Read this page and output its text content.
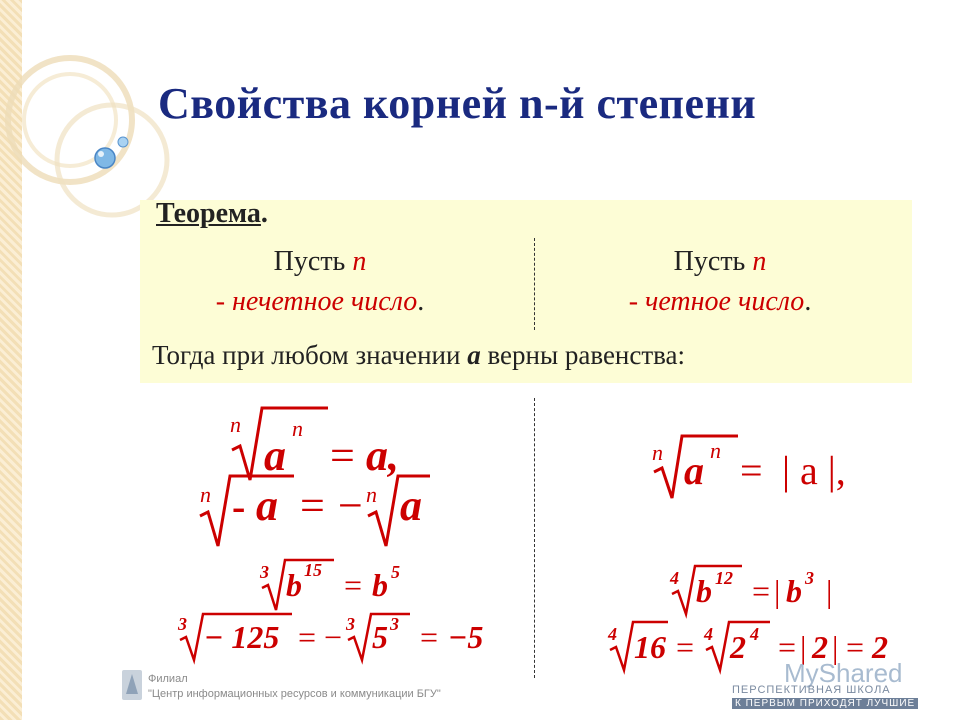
Свойства корней n-й степени
Теорема.
Пусть n
- нечетное число.
Пусть n
- четное число.
Тогда при любом значении a верны равенства:
n
a
n
= a,
n - a = − n a
n a n = | a |,
3 b 15 = b 5
3 − 125 = − 3 5 3 = −5
4 b 12 = | b 3 |
4 16 = 4 2 4 = | 2 | = 2
Филиал
"Центр информационных ресурсов и коммуникации БГУ"
MyShared
ПЕРСПЕКТИВНАЯ ШКОЛА
К ПЕРВЫМ ПРИХОДЯТ ЛУЧШИЕ
